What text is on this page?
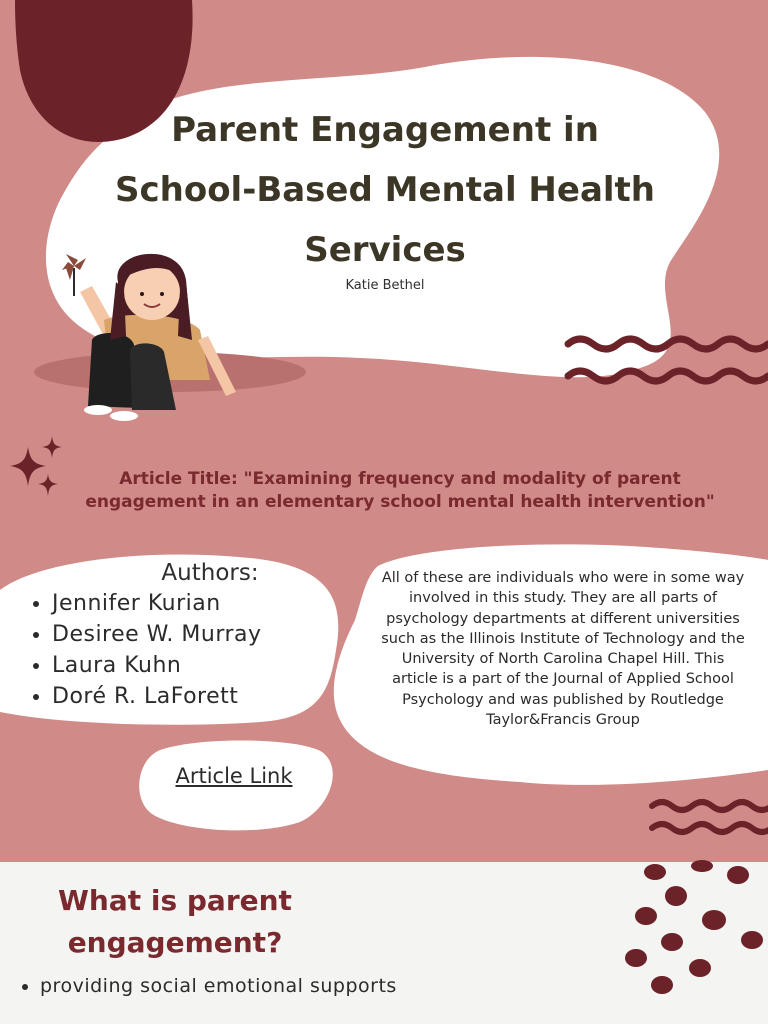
Parent Engagement in
School-Based Mental Health
Services
Katie Bethel
Article Title: "Examining frequency and modality of parent engagement in an elementary school mental health intervention"
Authors:
• Jennifer Kurian
• Desiree W. Murray
• Laura Kuhn
• Doré R. LaForett
All of these are individuals who were in some way involved in this study. They are all parts of psychology departments at different universities such as the Illinois Institute of Technology and the University of North Carolina Chapel Hill. This article is a part of the Journal of Applied School Psychology and was published by Routledge Taylor&Francis Group
Article Link
What is parent engagement?
• providing social emotional supports
